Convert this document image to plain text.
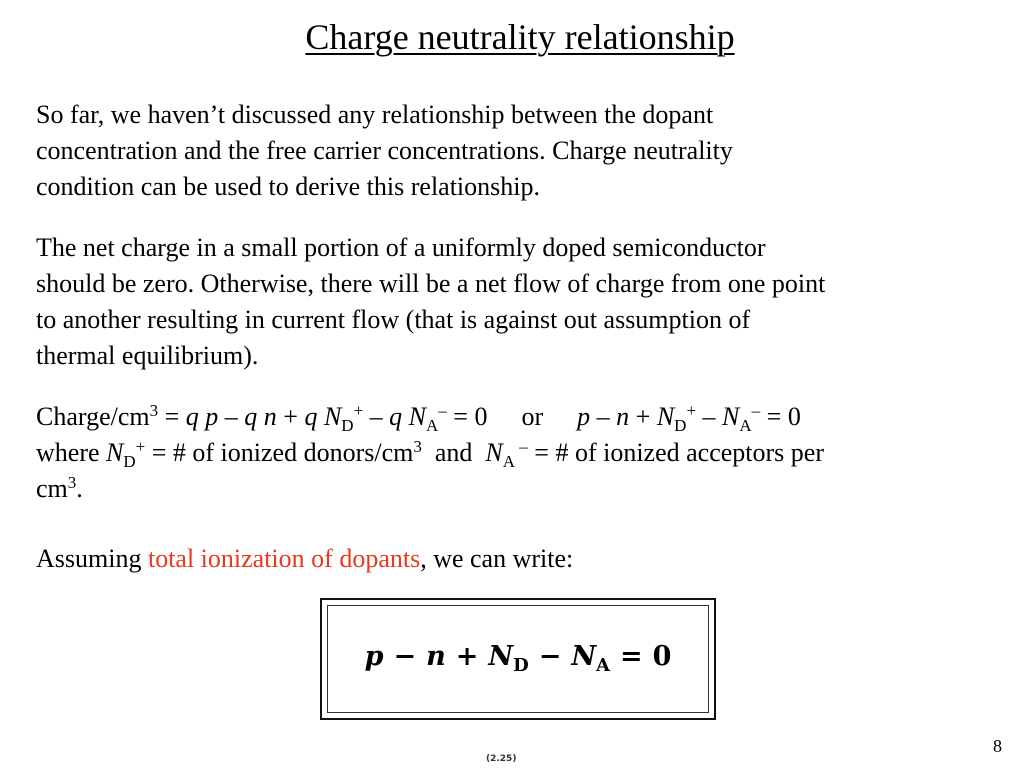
Charge neutrality relationship
So far, we haven’t discussed any relationship between the dopant
concentration and the free carrier concentrations. Charge neutrality
condition can be used to derive this relationship.
The net charge in a small portion of a uniformly doped semiconductor
should be zero. Otherwise, there will be a net flow of charge from one point
to another resulting in current flow (that is against out assumption of
thermal equilibrium).
Charge/$cm^3 = q$ p – q n + q $N_D^+$ – q $N_A^- = 0$ or $p - n + N_D^+ - N_A^- = 0$
where $N_D^+$ = # of ionized donors/$cm^3$  and  $N_A$ – = # of ionized acceptors per
$cm^3$.
Assuming total ionization of dopants, we can write:
$p - n + N_D - N_A = 0$
(2.25)
8
